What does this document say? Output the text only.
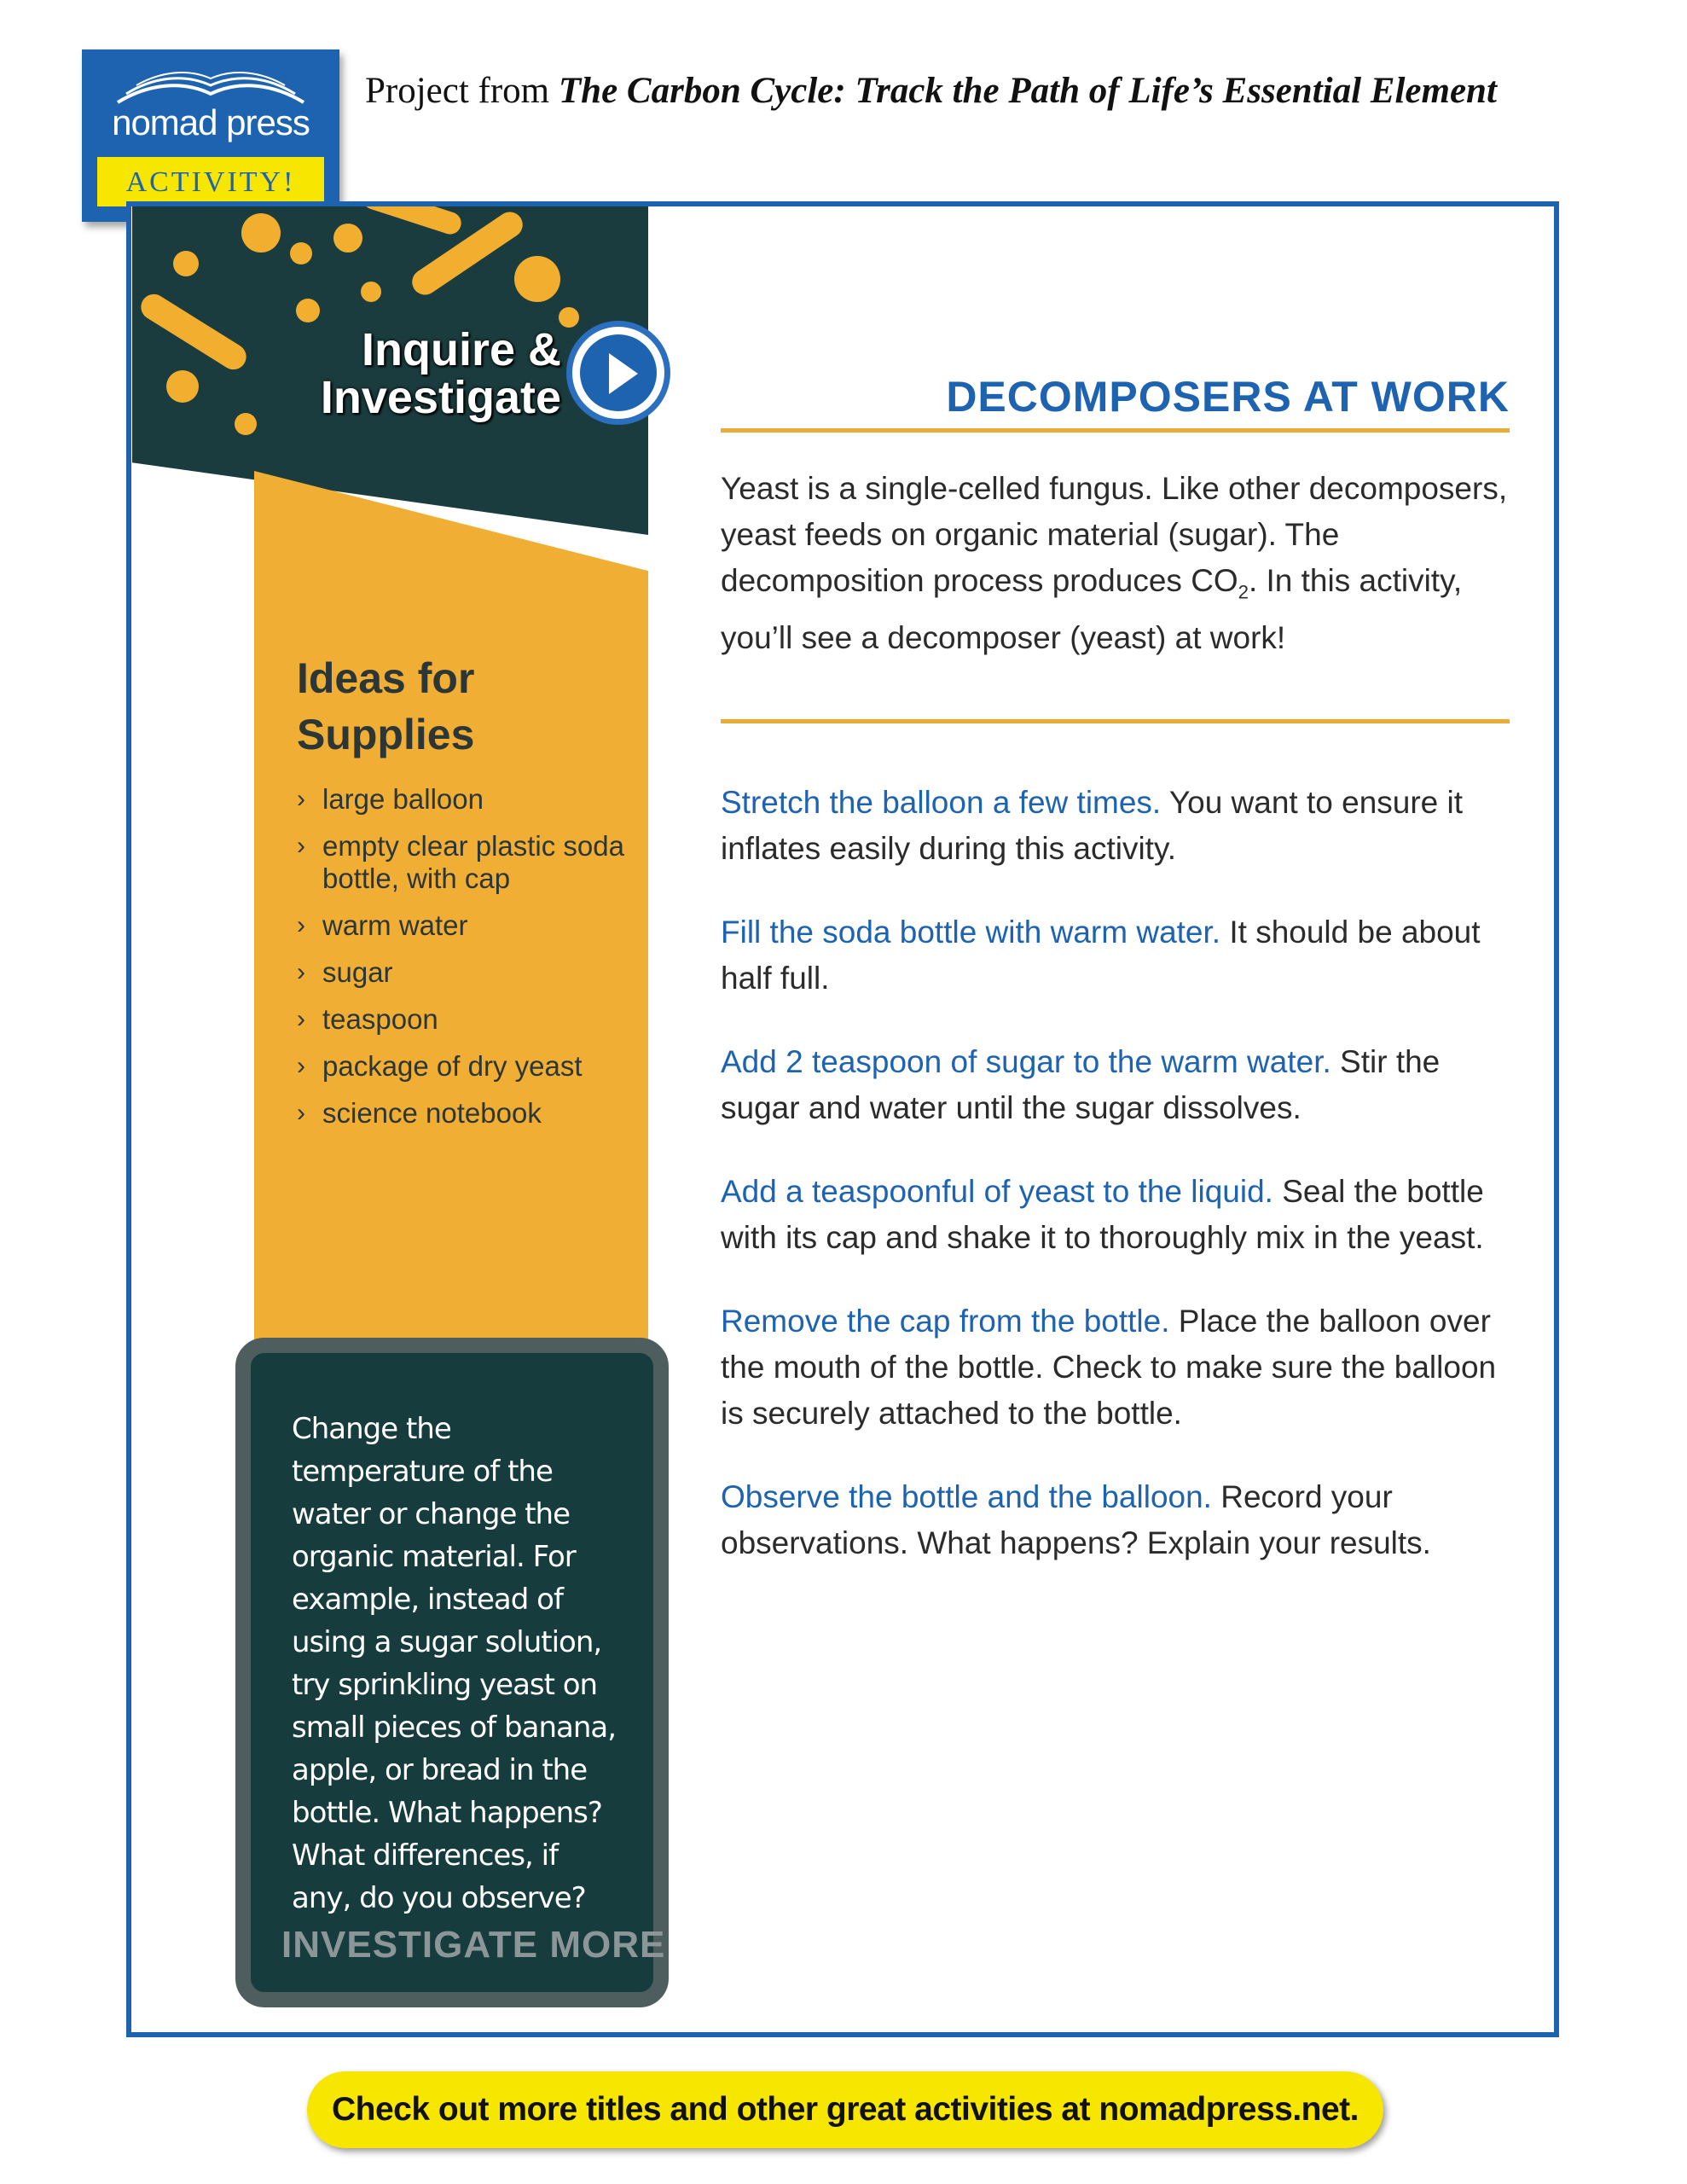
nomad press
ACTIVITY!
Project from The Carbon Cycle: Track the Path of Life’s Essential Element
Inquire &
Investigate
Ideas for
Supplies
› large balloon
› empty clear plastic soda bottle, with cap
› warm water
› sugar
› teaspoon
› package of dry yeast
› science notebook
Change the temperature of the water or change the organic material. For example, instead of using a sugar solution, try sprinkling yeast on small pieces of banana, apple, or bread in the bottle. What happens? What differences, if any, do you observe?
INVESTIGATE MORE
DECOMPOSERS AT WORK
Yeast is a single-celled fungus. Like other decomposers, yeast feeds on organic material (sugar). The decomposition process produces $CO_2$. In this activity, you’ll see a decomposer (yeast) at work!
Stretch the balloon a few times. You want to ensure it inflates easily during this activity.
Fill the soda bottle with warm water. It should be about half full.
Add 2 teaspoon of sugar to the warm water. Stir the sugar and water until the sugar dissolves.
Add a teaspoonful of yeast to the liquid. Seal the bottle with its cap and shake it to thoroughly mix in the yeast.
Remove the cap from the bottle. Place the balloon over the mouth of the bottle. Check to make sure the balloon is securely attached to the bottle.
Observe the bottle and the balloon. Record your observations. What happens? Explain your results.
Check out more titles and other great activities at nomadpress.net.
